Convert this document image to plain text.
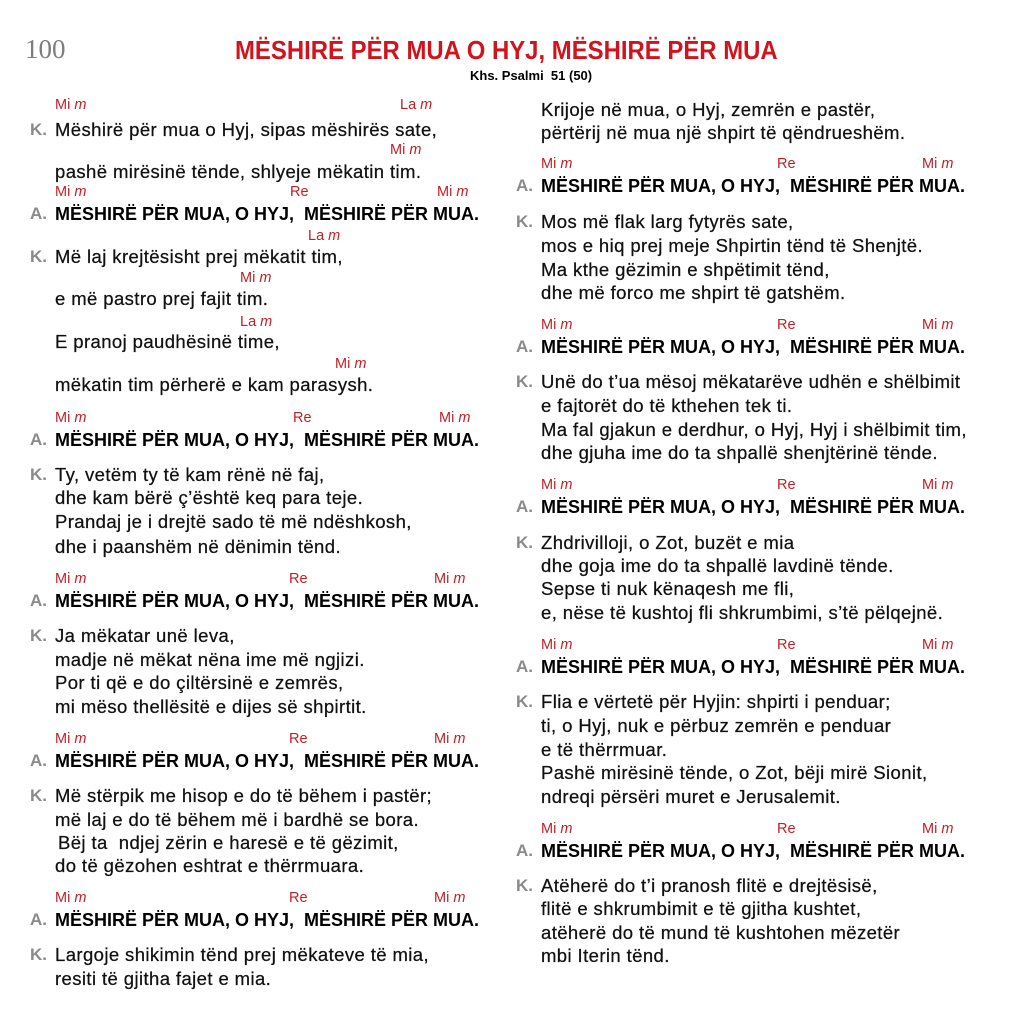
100	MËSHIRË PËR MUA O HYJ, MËSHIRË PËR MUA
Khs. Psalmi  51 (50)
Mi m	La m
K. Mëshirë për mua o Hyj, sipas mëshirës sate,
Mi m
pashë mirësinë tënde, shlyeje mëkatin tim.
Mi m	Re	Mi m
A. MËSHIRË PËR MUA, O HYJ,  MËSHIRË PËR MUA.
La m
K. Më laj krejtësisht prej mëkatit tim,
Mi m
e më pastro prej fajit tim.
La m
E pranoj paudhësinë time,
Mi m
mëkatin tim përherë e kam parasysh.
Mi m	Re	Mi m
A. MËSHIRË PËR MUA, O HYJ,  MËSHIRË PËR MUA.
K. Ty, vetëm ty të kam rënë në faj,
dhe kam bërë ç’është keq para teje.
Prandaj je i drejtë sado të më ndëshkosh,
dhe i paanshëm në dënimin tënd.
Mi m	Re	Mi m
A. MËSHIRË PËR MUA, O HYJ,  MËSHIRË PËR MUA.
K. Ja mëkatar unë leva,
madje në mëkat nëna ime më ngjizi.
Por ti që e do çiltërsinë e zemrës,
mi mëso thellësitë e dijes së shpirtit.
Mi m	Re	Mi m
A. MËSHIRË PËR MUA, O HYJ,  MËSHIRË PËR MUA.
K. Më stërpik me hisop e do të bëhem i pastër;
më laj e do të bëhem më i bardhë se bora.
Bëj ta  ndjej zërin e haresë e të gëzimit,
do të gëzohen eshtrat e thërrmuara.
Mi m	Re	Mi m
A. MËSHIRË PËR MUA, O HYJ,  MËSHIRË PËR MUA.
K. Largoje shikimin tënd prej mëkateve të mia,
resiti të gjitha fajet e mia.
Krijoje në mua, o Hyj, zemrën e pastër,
përtërij në mua një shpirt të qëndrueshëm.
Mi m	Re	Mi m
A. MËSHIRË PËR MUA, O HYJ,  MËSHIRË PËR MUA.
K. Mos më flak larg fytyrës sate,
mos e hiq prej meje Shpirtin tënd të Shenjtë.
Ma kthe gëzimin e shpëtimit tënd,
dhe më forco me shpirt të gatshëm.
Mi m	Re	Mi m
A. MËSHIRË PËR MUA, O HYJ,  MËSHIRË PËR MUA.
K. Unë do t’ua mësoj mëkatarëve udhën e shëlbimit
e fajtorët do të kthehen tek ti.
Ma fal gjakun e derdhur, o Hyj, Hyj i shëlbimit tim,
dhe gjuha ime do ta shpallë shenjtërinë tënde.
Mi m	Re	Mi m
A. MËSHIRË PËR MUA, O HYJ,  MËSHIRË PËR MUA.
K. Zhdrivilloji, o Zot, buzët e mia
dhe goja ime do ta shpallë lavdinë tënde.
Sepse ti nuk kënaqesh me fli,
e, nëse të kushtoj fli shkrumbimi, s’të pëlqejnë.
Mi m	Re	Mi m
A. MËSHIRË PËR MUA, O HYJ,  MËSHIRË PËR MUA.
K. Flia e vërtetë për Hyjin: shpirti i penduar;
ti, o Hyj, nuk e përbuz zemrën e penduar
e të thërrmuar.
Pashë mirësinë tënde, o Zot, bëji mirë Sionit,
ndreqi përsëri muret e Jerusalemit.
Mi m	Re	Mi m
A. MËSHIRË PËR MUA, O HYJ,  MËSHIRË PËR MUA.
K. Atëherë do t’i pranosh flitë e drejtësisë,
flitë e shkrumbimit e të gjitha kushtet,
atëherë do të mund të kushtohen mëzetër
mbi Iterin tënd.
